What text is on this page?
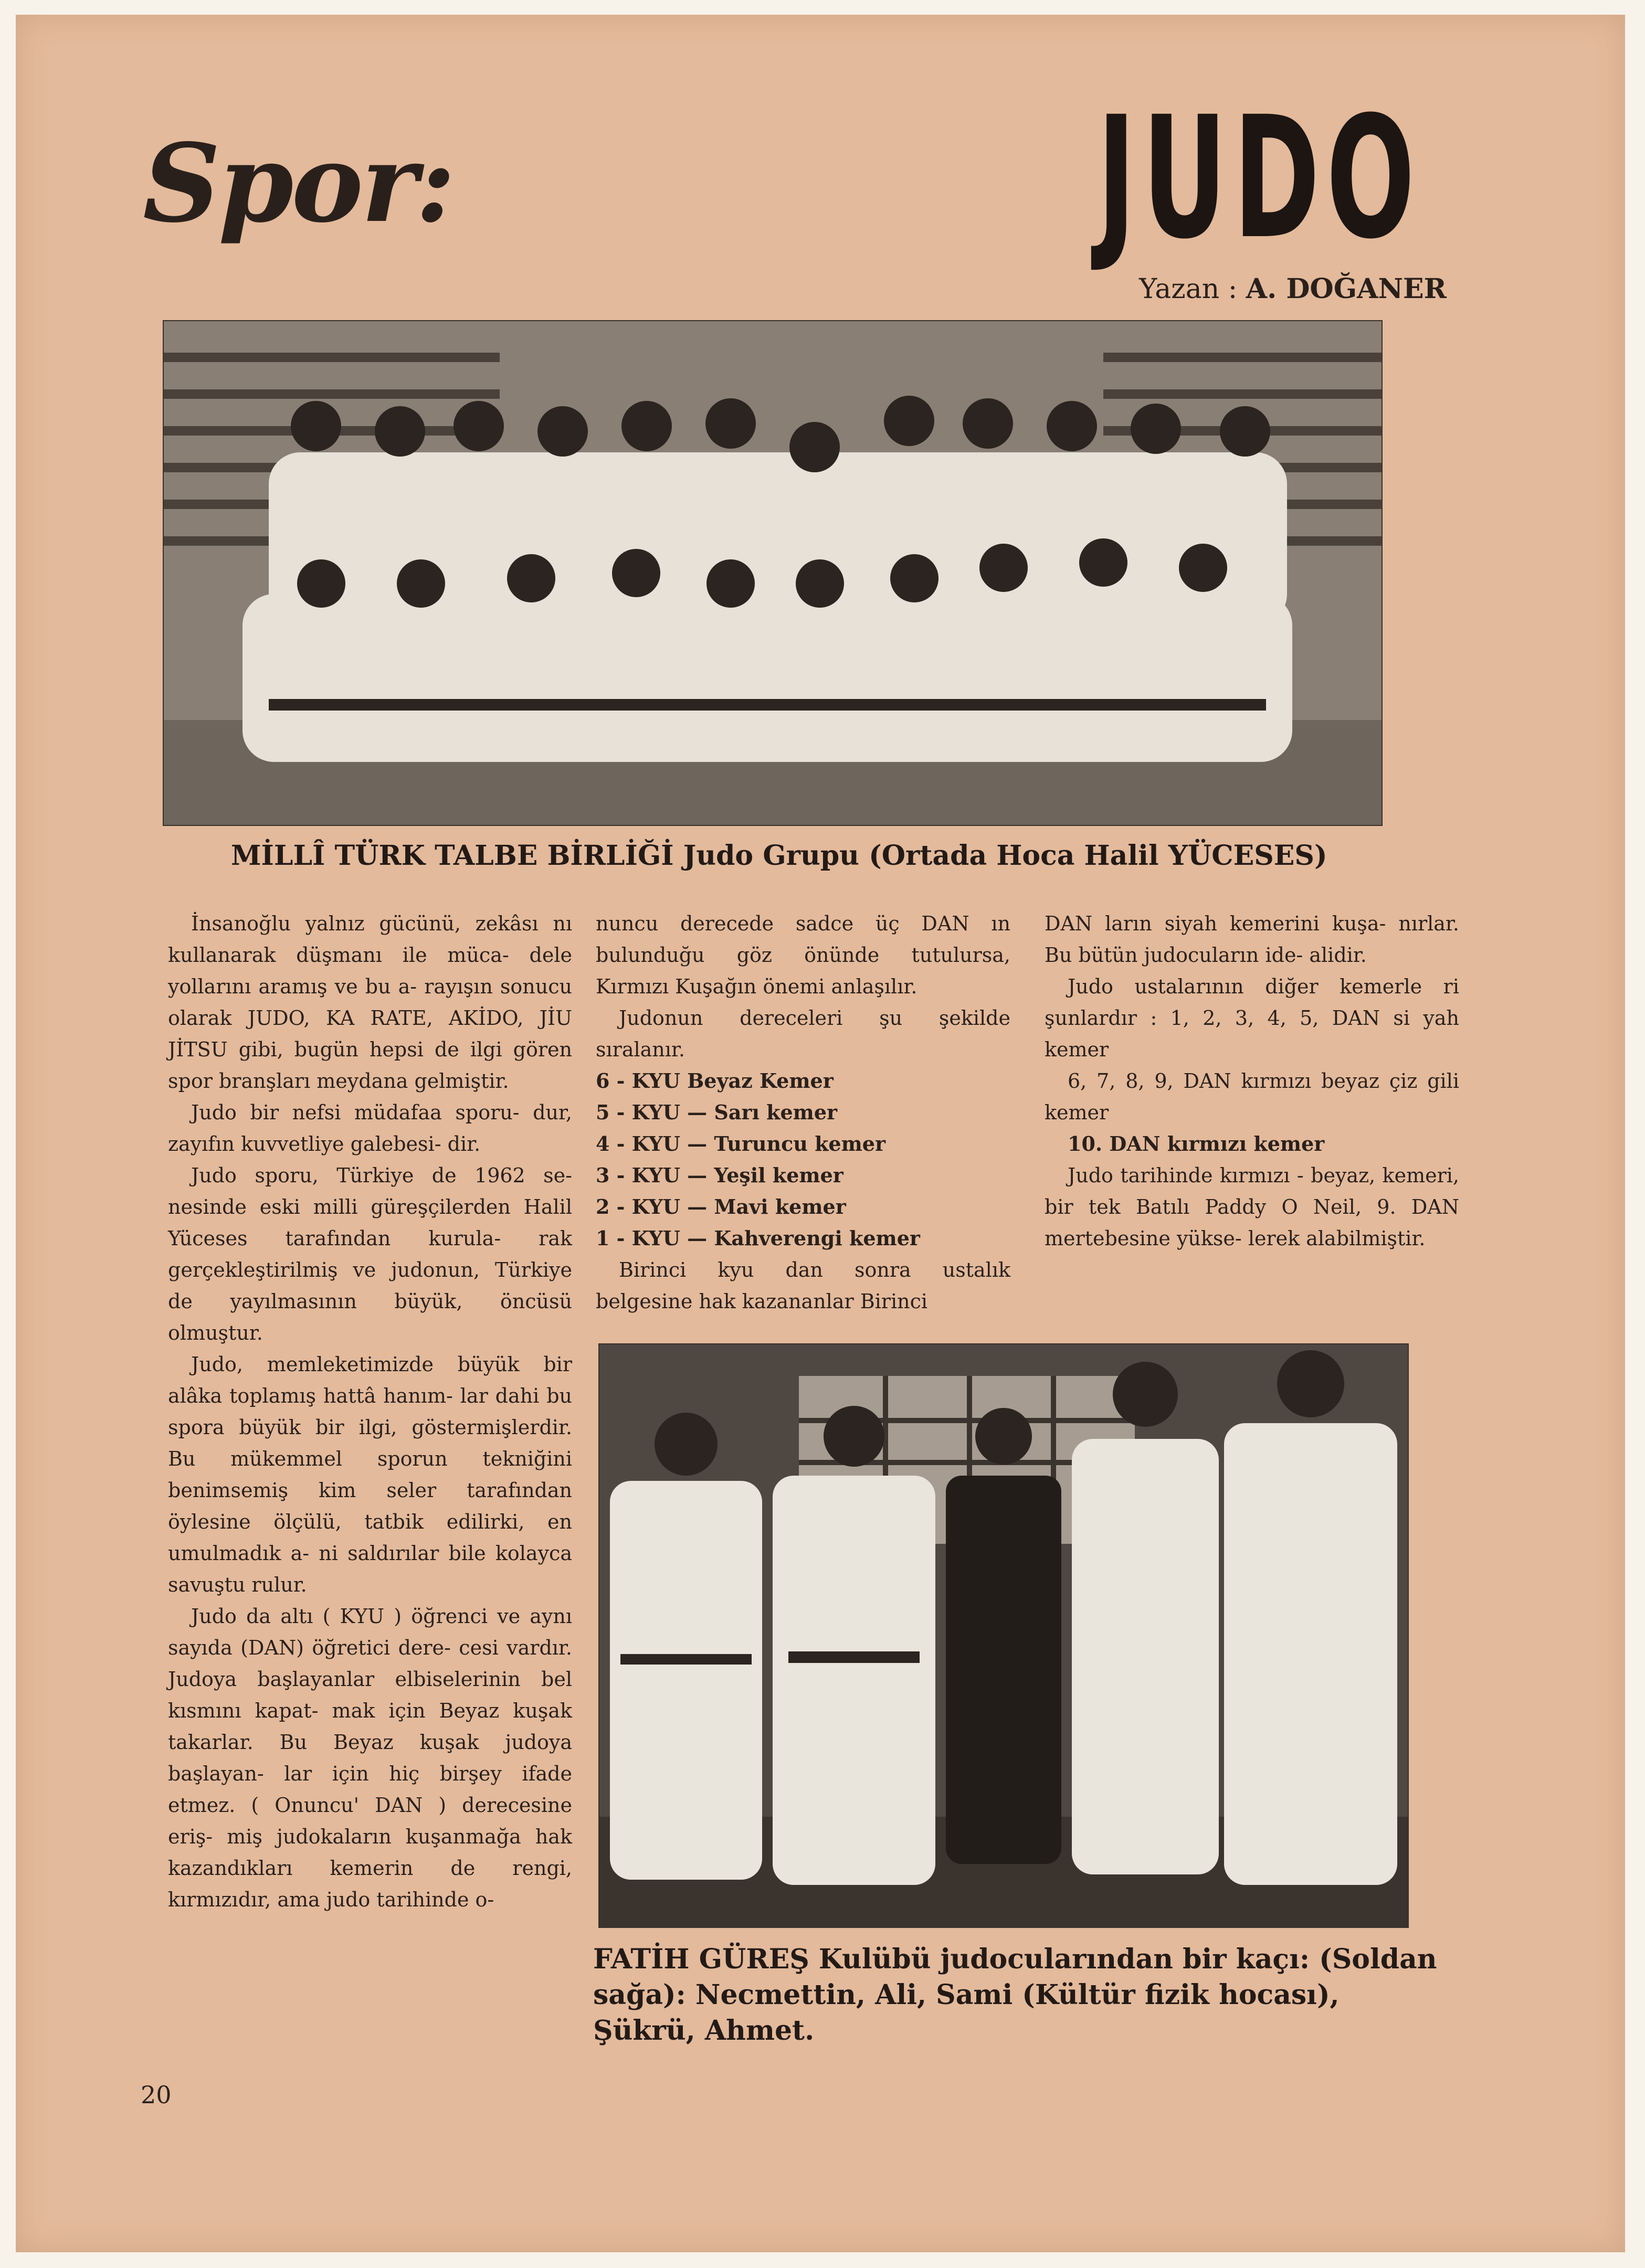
Spor:	JUDO
Yazan : A. DOĞANER
MİLLÎ TÜRK TALBE BİRLİĞİ Judo Grupu (Ortada Hoca Halil YÜCESES)

İnsanoğlu yalnız gücünü, zekâsı nı kullanarak düşmanı ile müca- dele yollarını aramış ve bu a- rayışın sonucu olarak JUDO, KA RATE, AKİDO, JİU JİTSU gibi, bugün hepsi de ilgi gören spor branşları meydana gelmiştir.

Judo bir nefsi müdafaa sporu- dur, zayıfın kuvvetliye galebesi- dir.

Judo sporu, Türkiye de 1962 se- nesinde eski milli güreşçilerden Halil Yüceses tarafından kurula- rak gerçekleştirilmiş ve judonun, Türkiye de yayılmasının büyük, öncüsü olmuştur.

Judo, memleketimizde büyük bir alâka toplamış hattâ hanım- lar dahi bu spora büyük bir ilgi, göstermişlerdir. Bu mükemmel sporun tekniğini benimsemiş kim seler tarafından öylesine ölçülü, tatbik edilirki, en umulmadık a- ni saldırılar bile kolayca savuştu rulur.

Judo da altı ( KYU ) öğrenci ve aynı sayıda (DAN) öğretici dere- cesi vardır. Judoya başlayanlar elbiselerinin bel kısmını kapat- mak için Beyaz kuşak takarlar. Bu Beyaz kuşak judoya başlayan- lar için hiç birşey ifade etmez. ( Onuncu' DAN ) derecesine eriş- miş judokaların kuşanmağa hak kazandıkları kemerin de rengi, kırmızıdır, ama judo tarihinde o-

nuncu derecede sadce üç DAN ın bulunduğu göz önünde tutulursa, Kırmızı Kuşağın önemi anlaşılır.

Judonun dereceleri şu şekilde sıralanır.

6 - KYU Beyaz Kemer
5 - KYU — Sarı kemer
4 - KYU — Turuncu kemer
3 - KYU — Yeşil kemer
2 - KYU — Mavi kemer
1 - KYU — Kahverengi kemer

Birinci kyu dan sonra ustalık belgesine hak kazananlar Birinci

DAN ların siyah kemerini kuşa- nırlar. Bu bütün judocuların ide- alidir.

Judo ustalarının diğer kemerle ri şunlardır : 1, 2, 3, 4, 5, DAN si yah kemer

6, 7, 8, 9, DAN kırmızı beyaz çiz gili kemer

10. DAN kırmızı kemer

Judo tarihinde kırmızı - beyaz, kemeri, bir tek Batılı Paddy O Neil, 9. DAN mertebesine yükse- lerek alabilmiştir.

FATİH GÜREŞ Kulübü judocularından bir kaçı: (Soldan sağa): Necmettin, Ali, Sami (Kültür fizik hocası), Şükrü, Ahmet.
20
